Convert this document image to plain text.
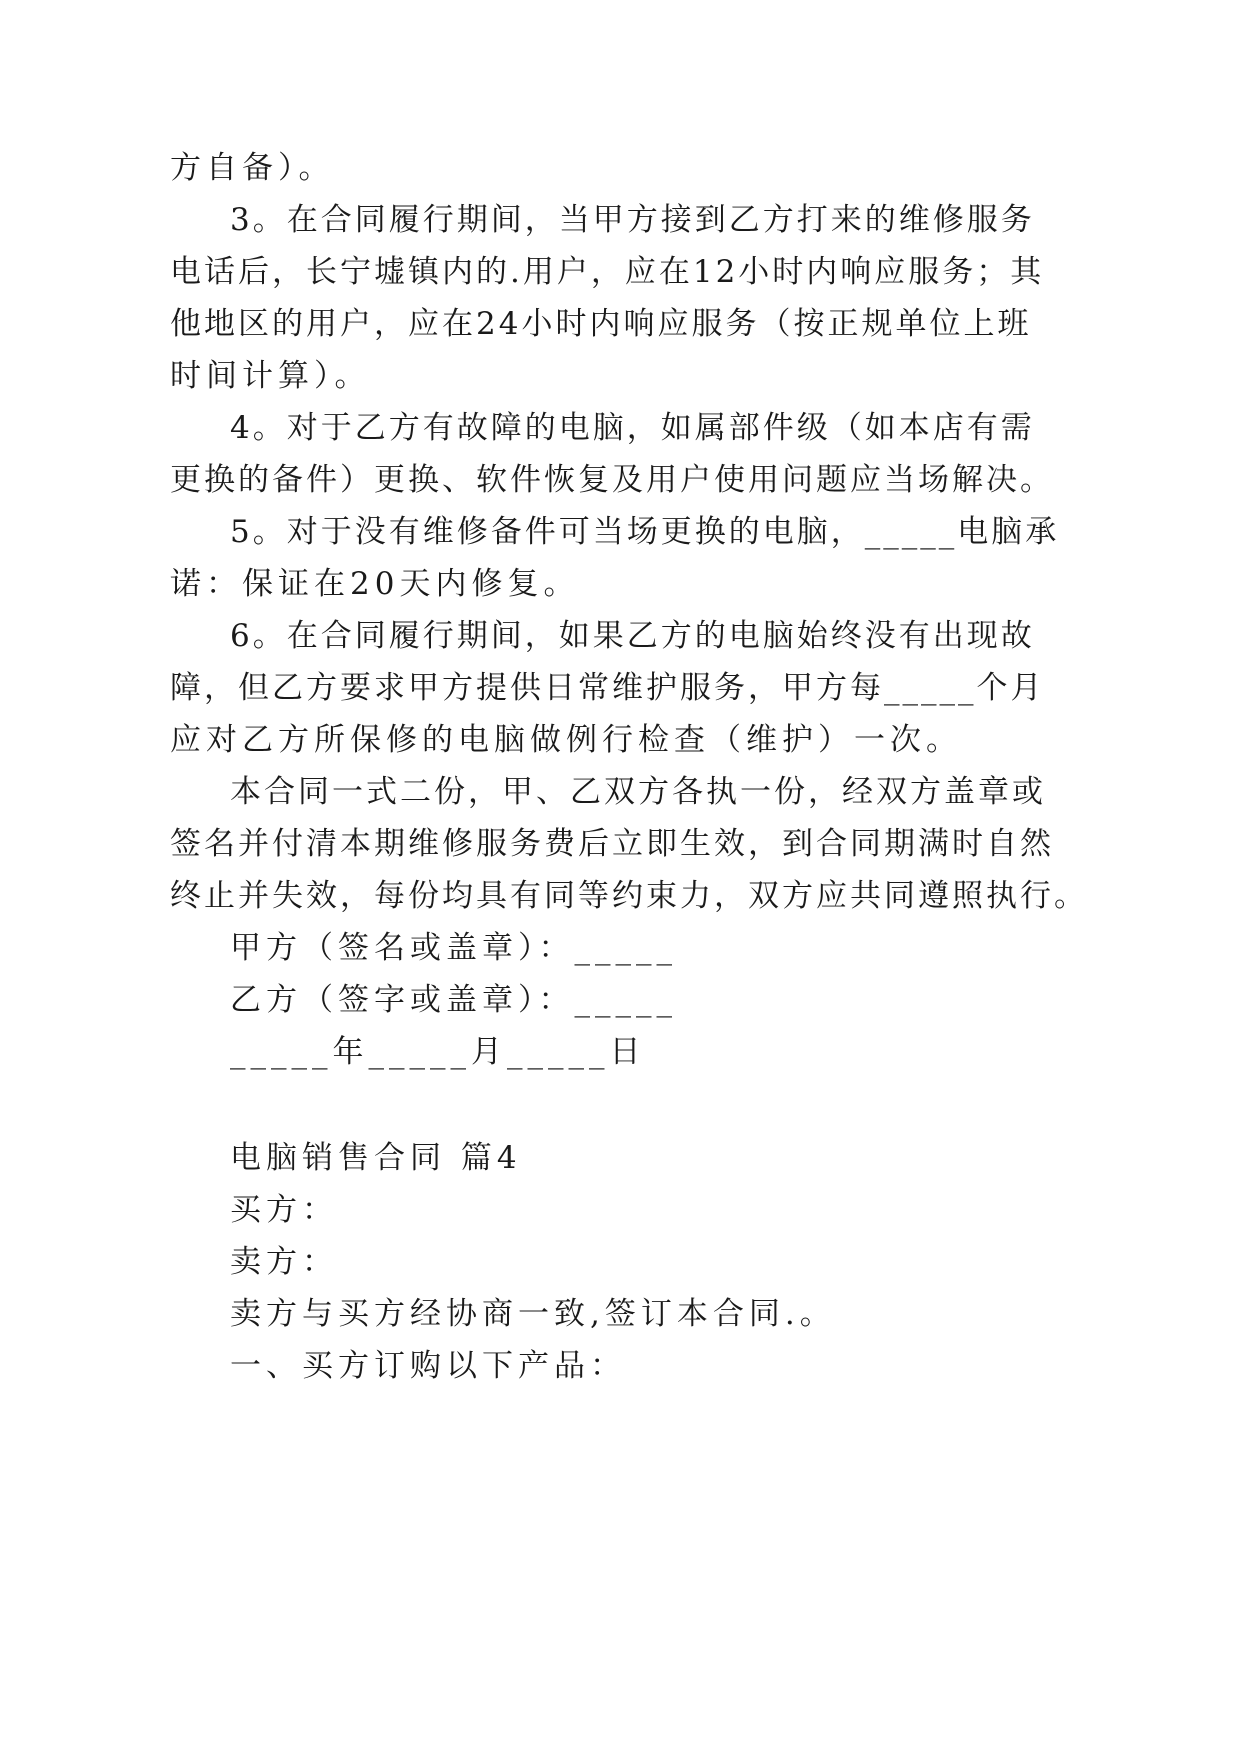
方自备）。
3。在合同履行期间，当甲方接到乙方打来的维修服务
电话后，长宁墟镇内的.用户，应在12小时内响应服务；其
他地区的用户，应在24小时内响应服务（按正规单位上班
时间计算）。
4。对于乙方有故障的电脑，如属部件级（如本店有需
更换的备件）更换、软件恢复及用户使用问题应当场解决。
5。对于没有维修备件可当场更换的电脑，_____电脑承
诺：保证在20天内修复。
6。在合同履行期间，如果乙方的电脑始终没有出现故
障，但乙方要求甲方提供日常维护服务，甲方每_____个月
应对乙方所保修的电脑做例行检查（维护）一次。
本合同一式二份，甲、乙双方各执一份，经双方盖章或
签名并付清本期维修服务费后立即生效，到合同期满时自然
终止并失效，每份均具有同等约束力，双方应共同遵照执行。
甲方（签名或盖章）：_____
乙方（签字或盖章）：_____
_____年_____月_____日
电脑销售合同 篇4
买方：
卖方：
卖方与买方经协商一致,签订本合同.。
一、买方订购以下产品：
